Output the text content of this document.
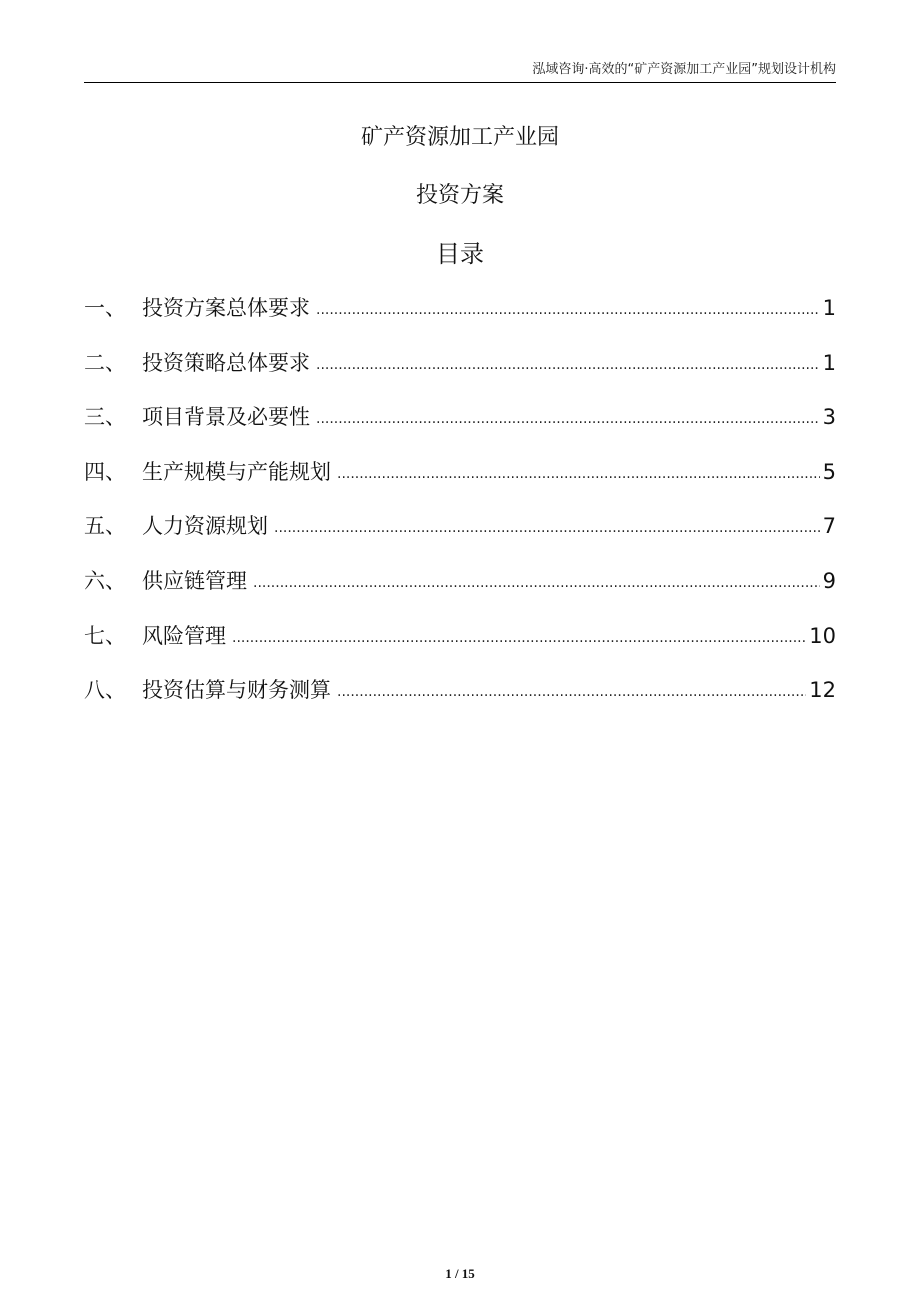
泓域咨询·高效的“矿产资源加工产业园”规划设计机构
矿产资源加工产业园
投资方案
目录
一、 投资方案总体要求 .....	1
二、 投资策略总体要求 .....	1
三、 项目背景及必要性 .....	3
四、 生产规模与产能规划 .....	5
五、 人力资源规划 .....	7
六、 供应链管理 .....	9
七、 风险管理 .....	10
八、 投资估算与财务测算 .....	12
1 / 15
